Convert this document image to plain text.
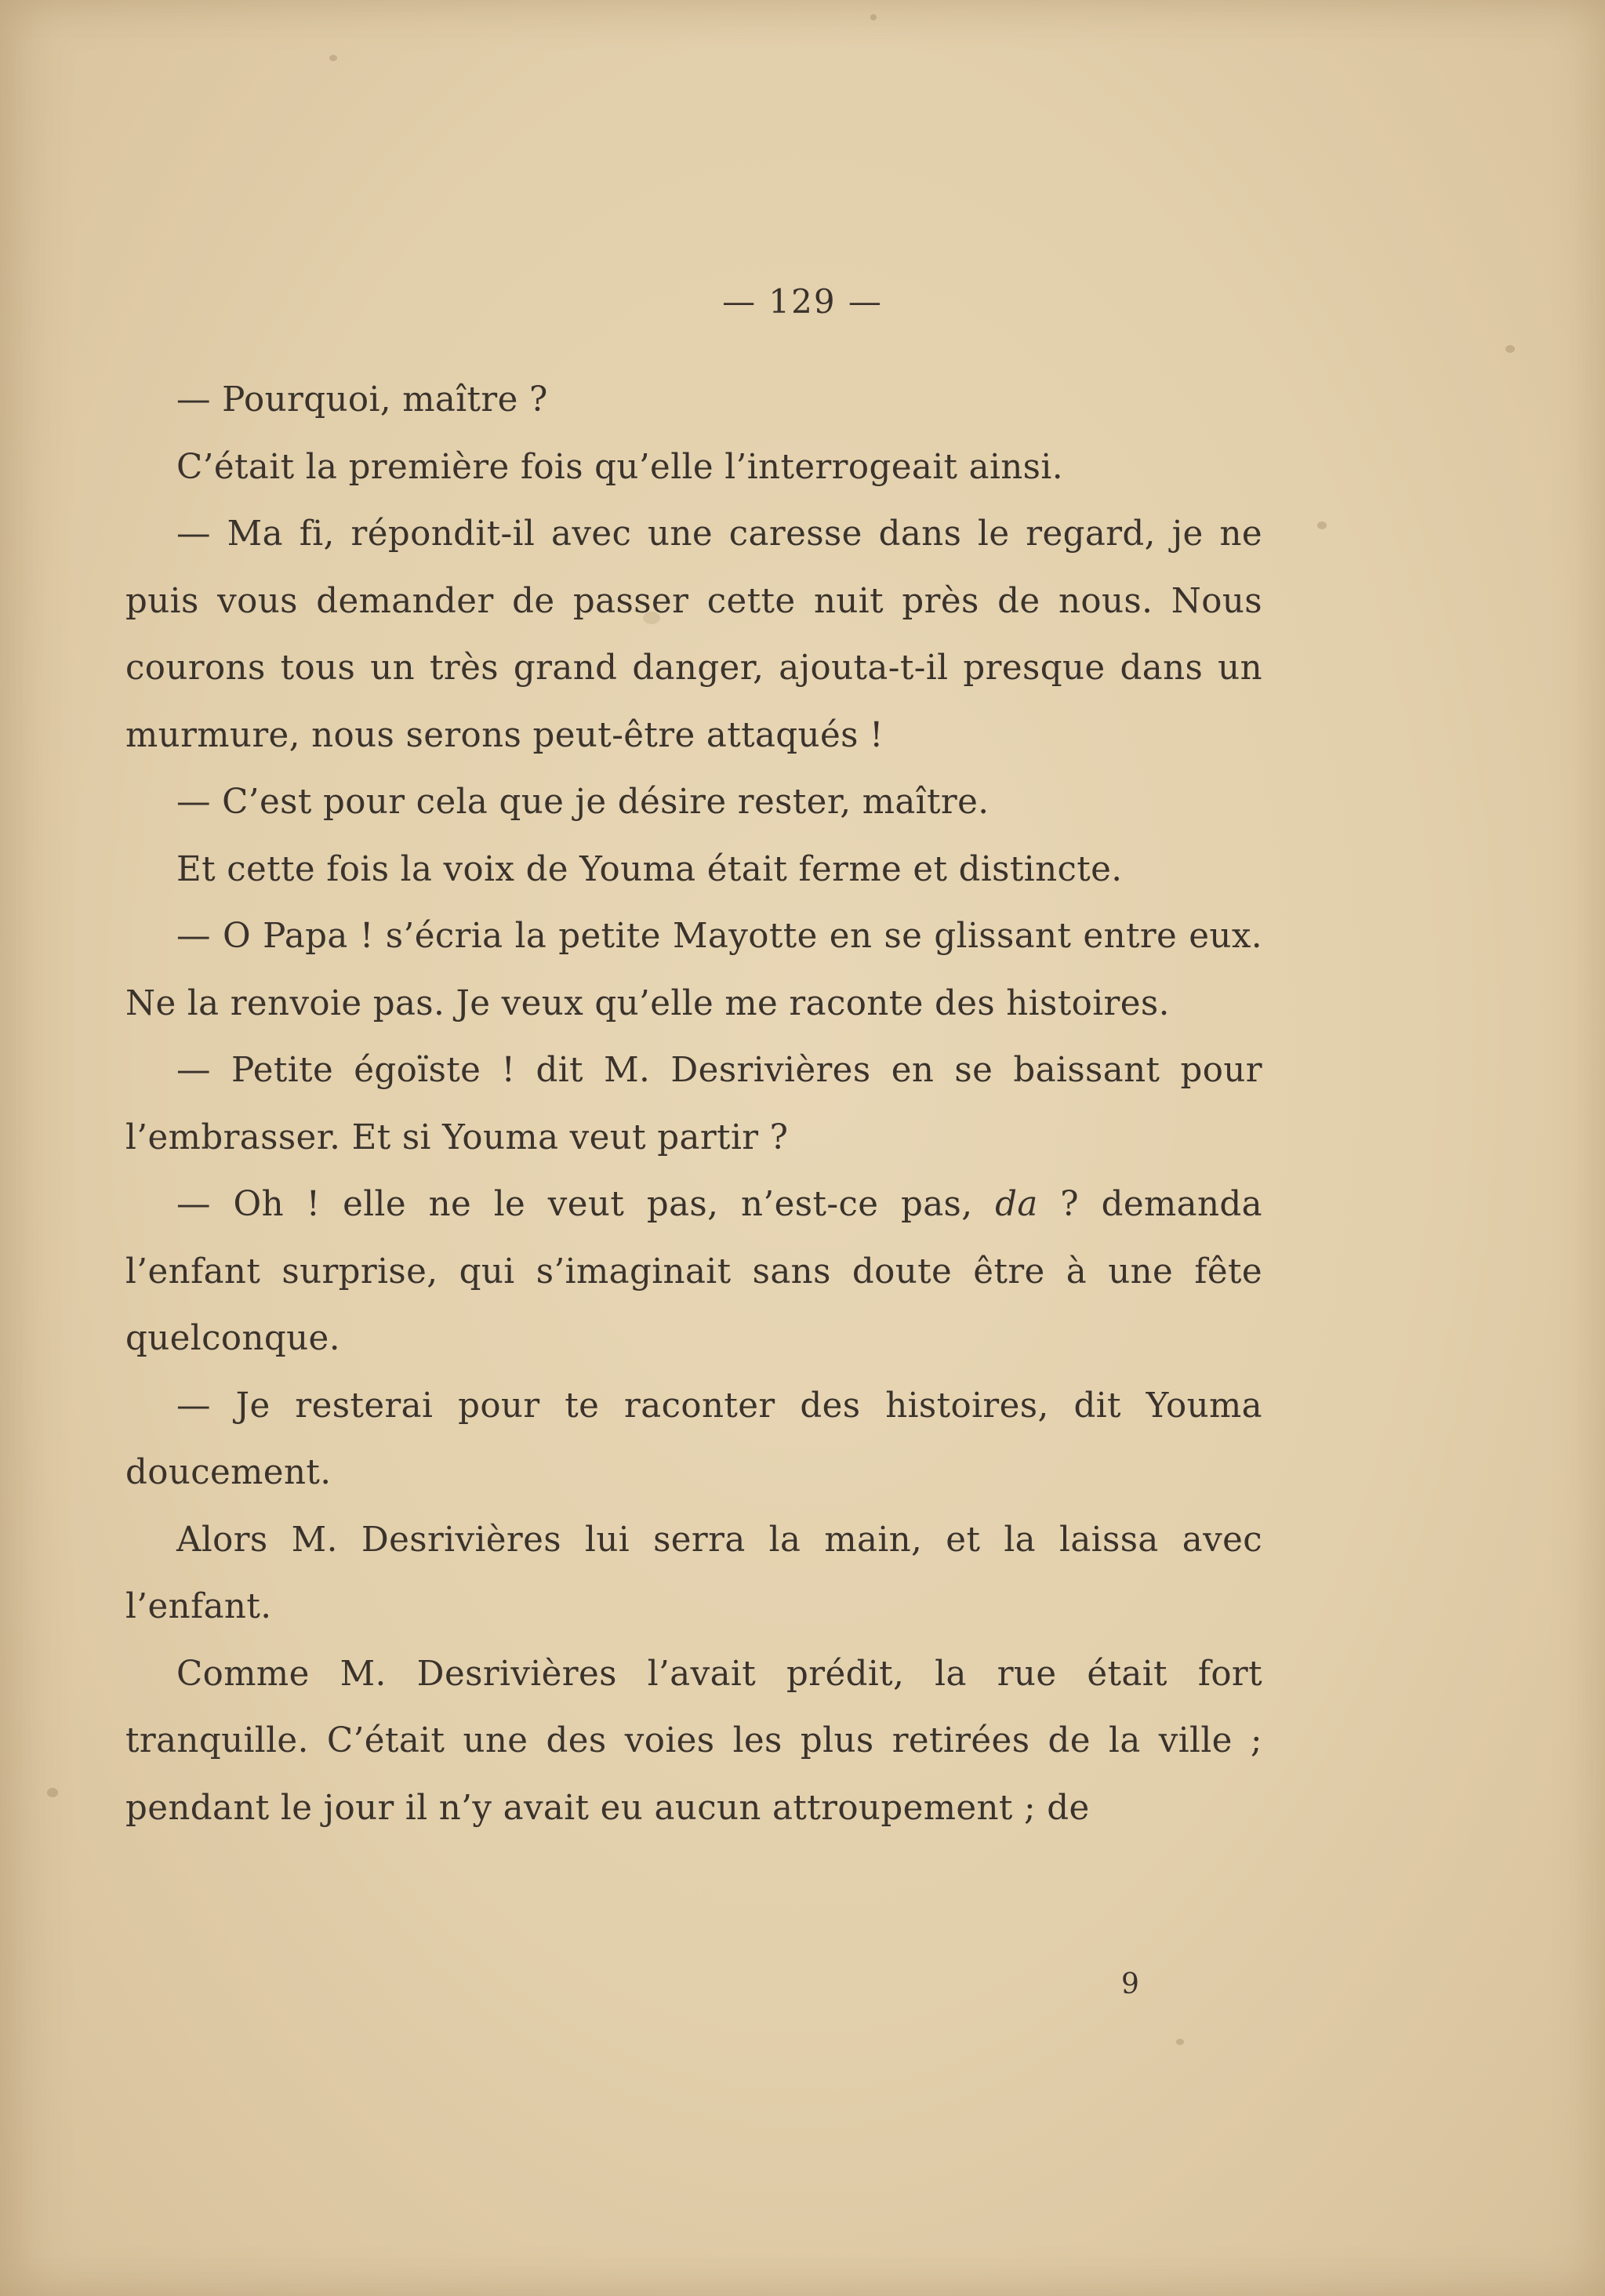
— 129 —

— Pourquoi, maître ?

C’était la première fois qu’elle l’interrogeait ainsi.

— Ma fi, répondit-il avec une caresse dans le regard, je ne puis vous demander de passer cette nuit près de nous. Nous courons tous un très grand danger, ajouta-t-il presque dans un murmure, nous serons peut-être attaqués !

— C’est pour cela que je désire rester, maître.

Et cette fois la voix de Youma était ferme et distincte.

— O Papa ! s’écria la petite Mayotte en se glissant entre eux. Ne la renvoie pas. Je veux qu’elle me raconte des histoires.

— Petite égoïste ! dit M. Desrivières en se baissant pour l’embrasser. Et si Youma veut partir ?

— Oh ! elle ne le veut pas, n’est-ce pas, da ? demanda l’enfant surprise, qui s’imaginait sans doute être à une fête quelconque.

— Je resterai pour te raconter des histoires, dit Youma doucement.

Alors M. Desrivières lui serra la main, et la laissa avec l’enfant.

Comme M. Desrivières l’avait prédit, la rue était fort tranquille. C’était une des voies les plus retirées de la ville ; pendant le jour il n’y avait eu aucun attroupement ; de

9
